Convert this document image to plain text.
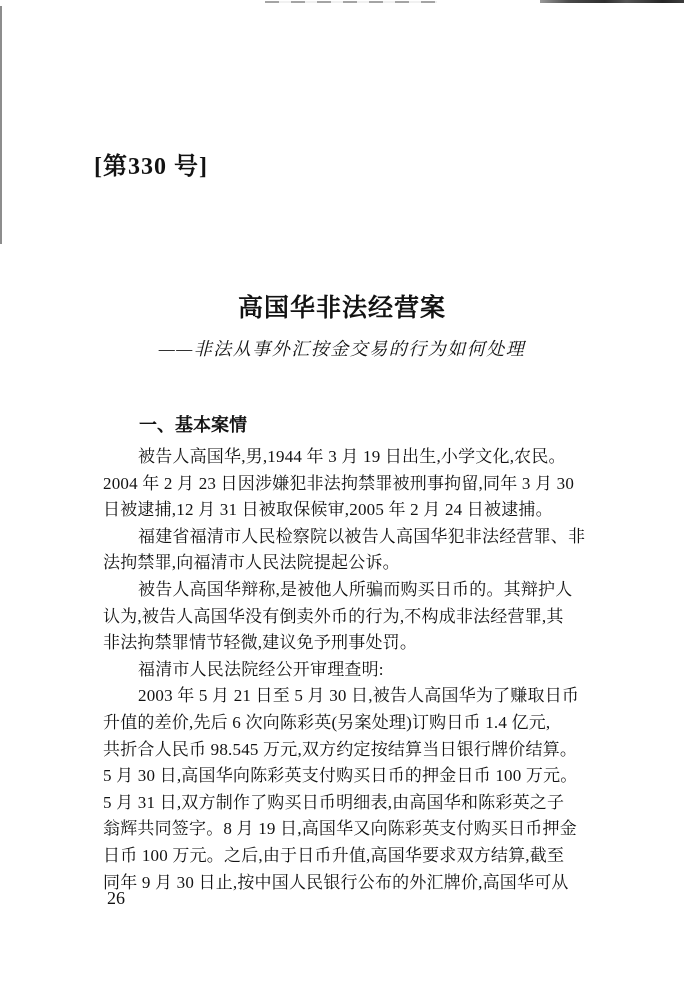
[第330 号]
高国华非法经营案
——非法从事外汇按金交易的行为如何处理
一、基本案情
被告人高国华,男,1944 年 3 月 19 日出生,小学文化,农民。
2004 年 2 月 23 日因涉嫌犯非法拘禁罪被刑事拘留,同年 3 月 30
日被逮捕,12 月 31 日被取保候审,2005 年 2 月 24 日被逮捕。
福建省福清市人民检察院以被告人高国华犯非法经营罪、非
法拘禁罪,向福清市人民法院提起公诉。
被告人高国华辩称,是被他人所骗而购买日币的。其辩护人
认为,被告人高国华没有倒卖外币的行为,不构成非法经营罪,其
非法拘禁罪情节轻微,建议免予刑事处罚。
福清市人民法院经公开审理查明:
2003 年 5 月 21 日至 5 月 30 日,被告人高国华为了赚取日币
升值的差价,先后 6 次向陈彩英(另案处理)订购日币 1.4 亿元,
共折合人民币 98.545 万元,双方约定按结算当日银行牌价结算。
5 月 30 日,高国华向陈彩英支付购买日币的押金日币 100 万元。
5 月 31 日,双方制作了购买日币明细表,由高国华和陈彩英之子
翁辉共同签字。8 月 19 日,高国华又向陈彩英支付购买日币押金
日币 100 万元。之后,由于日币升值,高国华要求双方结算,截至
同年 9 月 30 日止,按中国人民银行公布的外汇牌价,高国华可从
26
